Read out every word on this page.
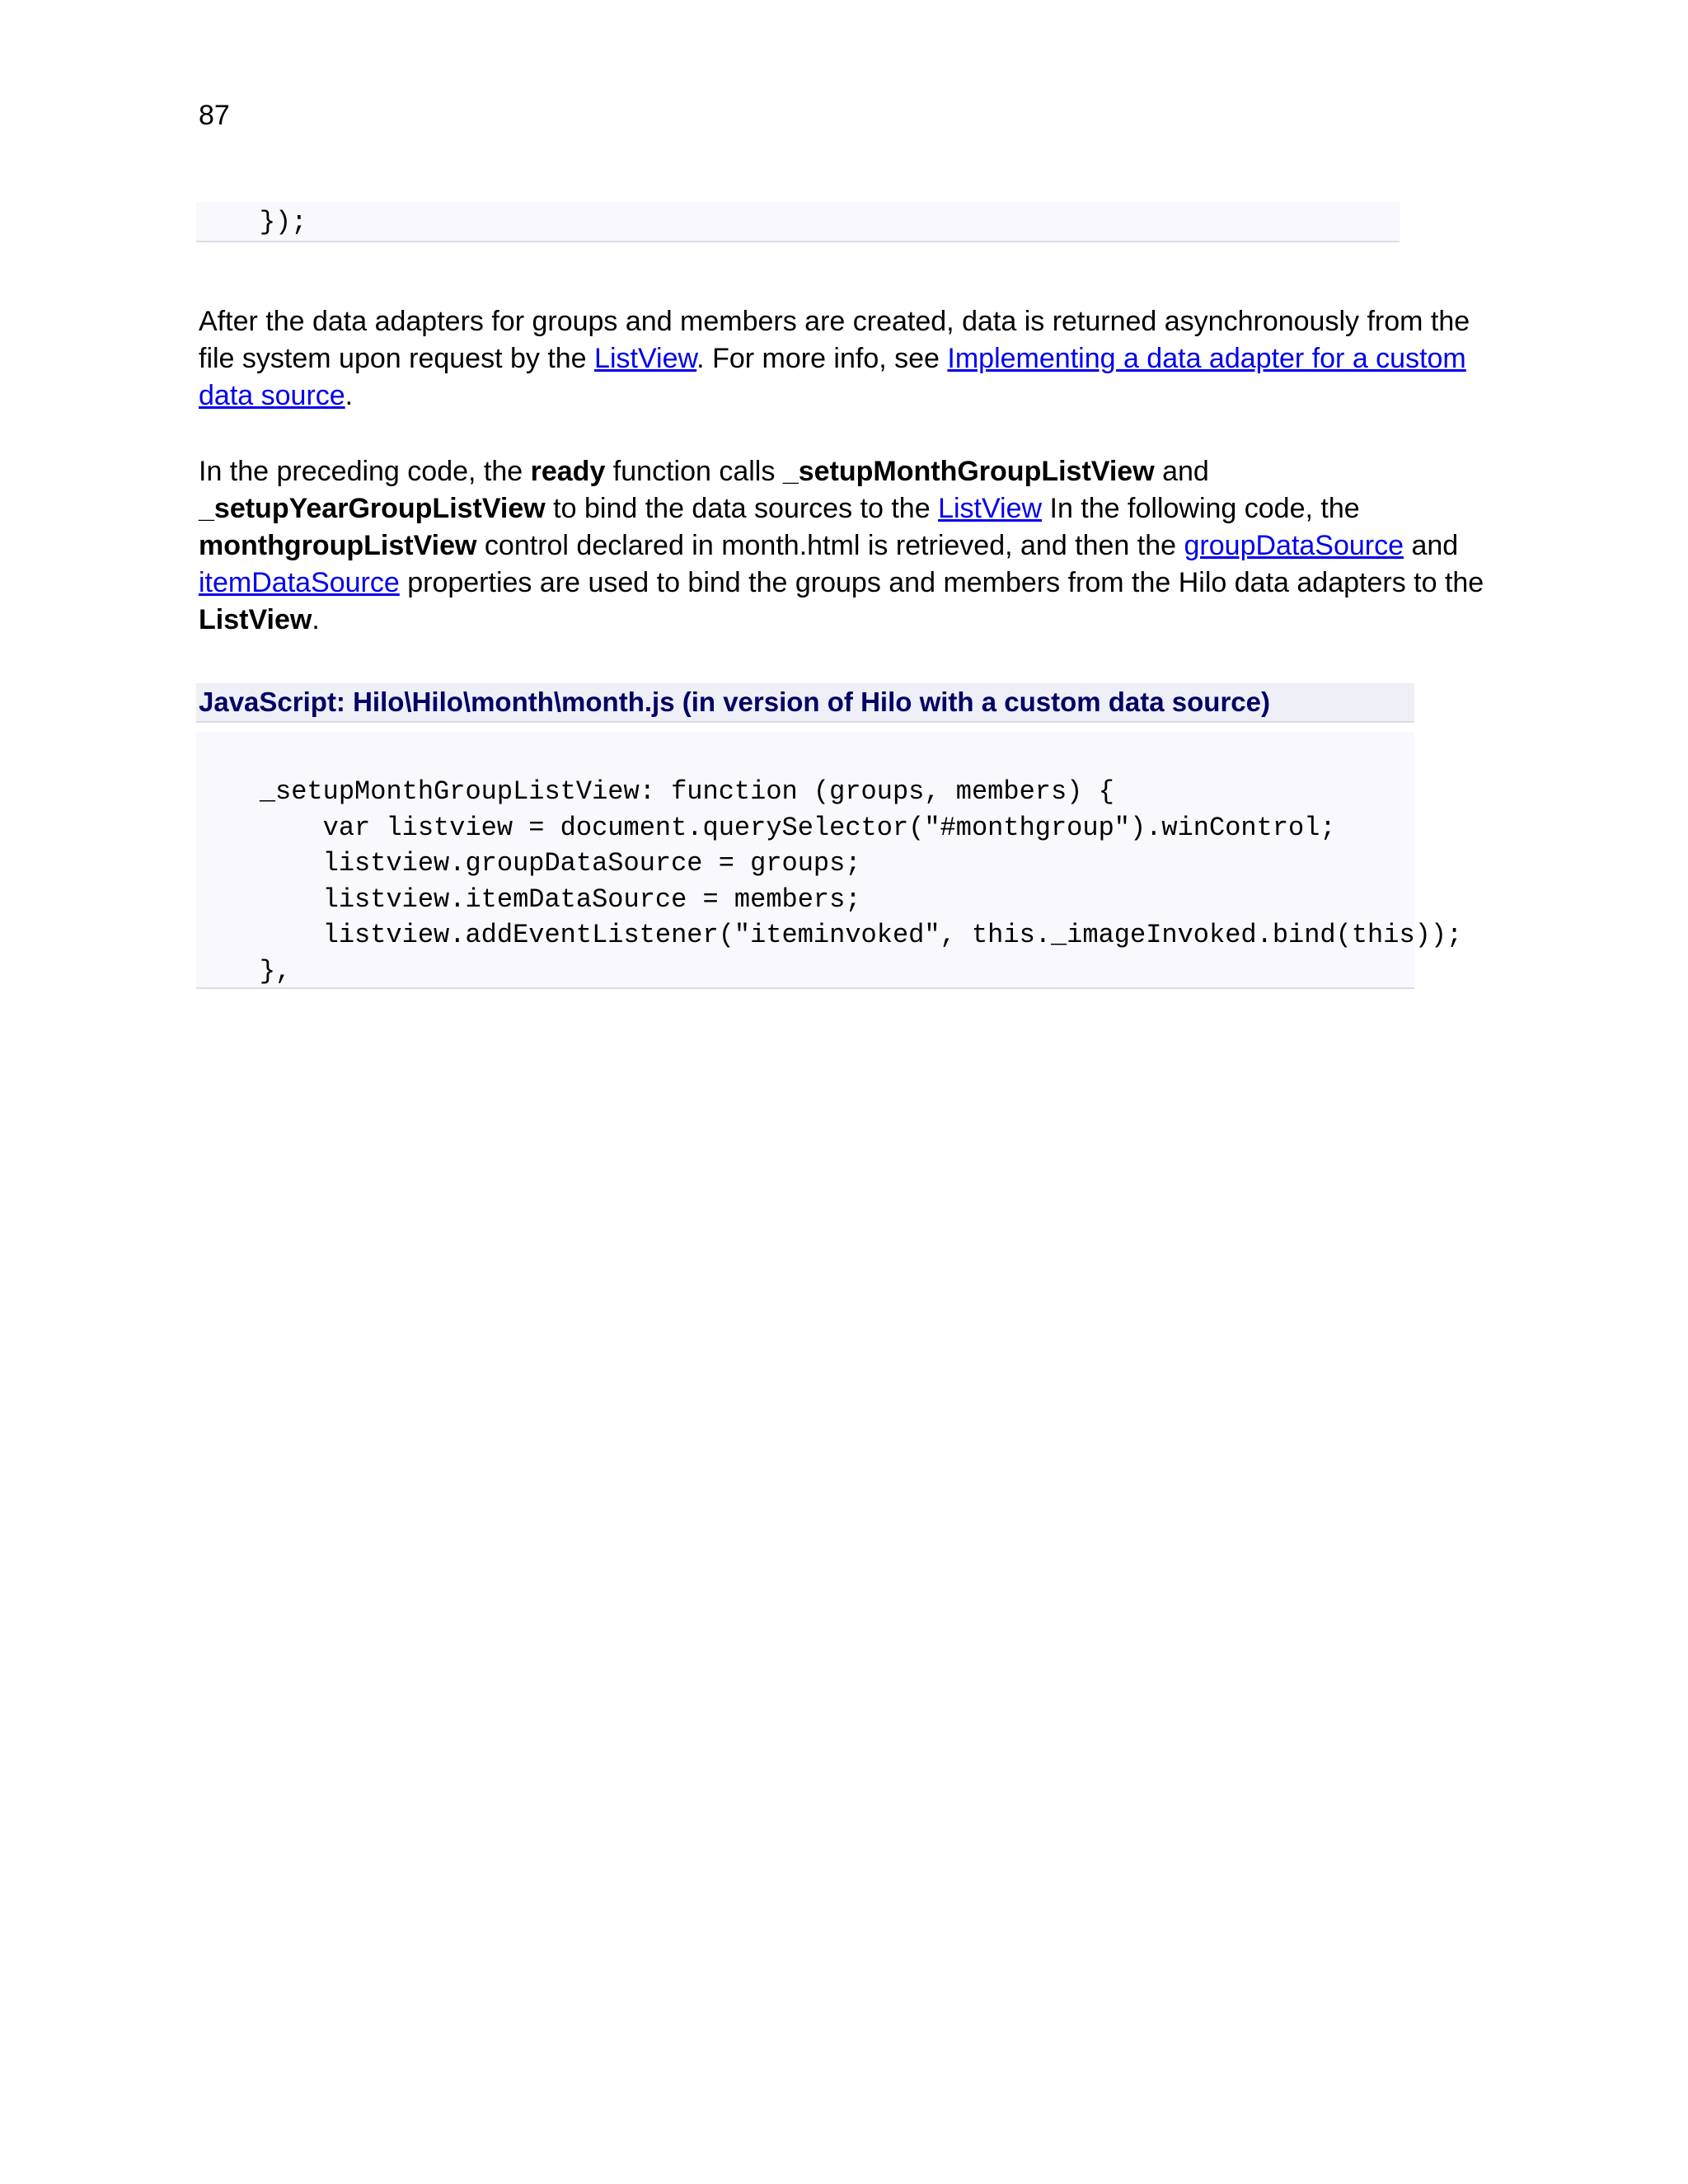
87
});

After the data adapters for groups and members are created, data is returned asynchronously from the file system upon request by the ListView. For more info, see Implementing a data adapter for a custom data source.

In the preceding code, the ready function calls _setupMonthGroupListView and _setupYearGroupListView to bind the data sources to the ListView In the following code, the monthgroupListView control declared in month.html is retrieved, and then the groupDataSource and itemDataSource properties are used to bind the groups and members from the Hilo data adapters to the ListView.

JavaScript: Hilo\Hilo\month\month.js (in version of Hilo with a custom data source)
_setupMonthGroupListView: function (groups, members) {
var listview = document.querySelector("#monthgroup").winControl;
listview.groupDataSource = groups;
listview.itemDataSource = members;
listview.addEventListener("iteminvoked", this._imageInvoked.bind(this));
},
